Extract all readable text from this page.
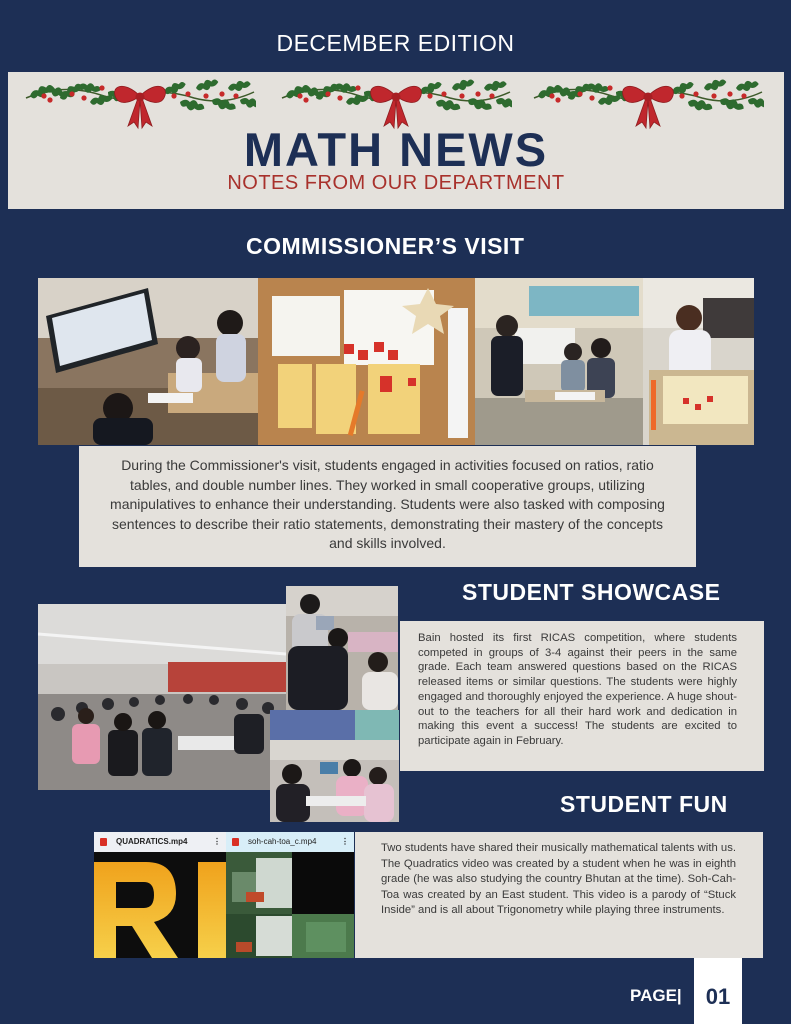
DECEMBER EDITION
MATH NEWS
NOTES FROM OUR DEPARTMENT
COMMISSIONER’S VISIT
During the Commissioner's visit, students engaged in activities focused on ratios, ratio tables, and double number lines. They worked in small cooperative groups, utilizing manipulatives to enhance their understanding. Students were also tasked with composing sentences to describe their ratio statements, demonstrating their mastery of the concepts and skills involved.
STUDENT SHOWCASE
Bain hosted its first RICAS competition, where students competed in groups of 3-4 against their peers in the same grade. Each team answered questions based on the RICAS released items or similar questions. The students were highly engaged and thoroughly enjoyed the experience. A huge shout-out to the teachers for all their hard work and dedication in making this event a success! The students are excited to participate again in February.
STUDENT FUN
QUADRATICS.mp4	⋮	soh-cah-toa_c.mp4	⋮
Two students have shared their musically mathematical talents with us. The Quadratics video was created by a student when he was in eighth grade (he was also studying the country Bhutan at the time). Soh-Cah-Toa was created by an East student. This video is a parody of “Stuck Inside” and is all about Trigonometry while playing three instruments.
PAGE|	01
